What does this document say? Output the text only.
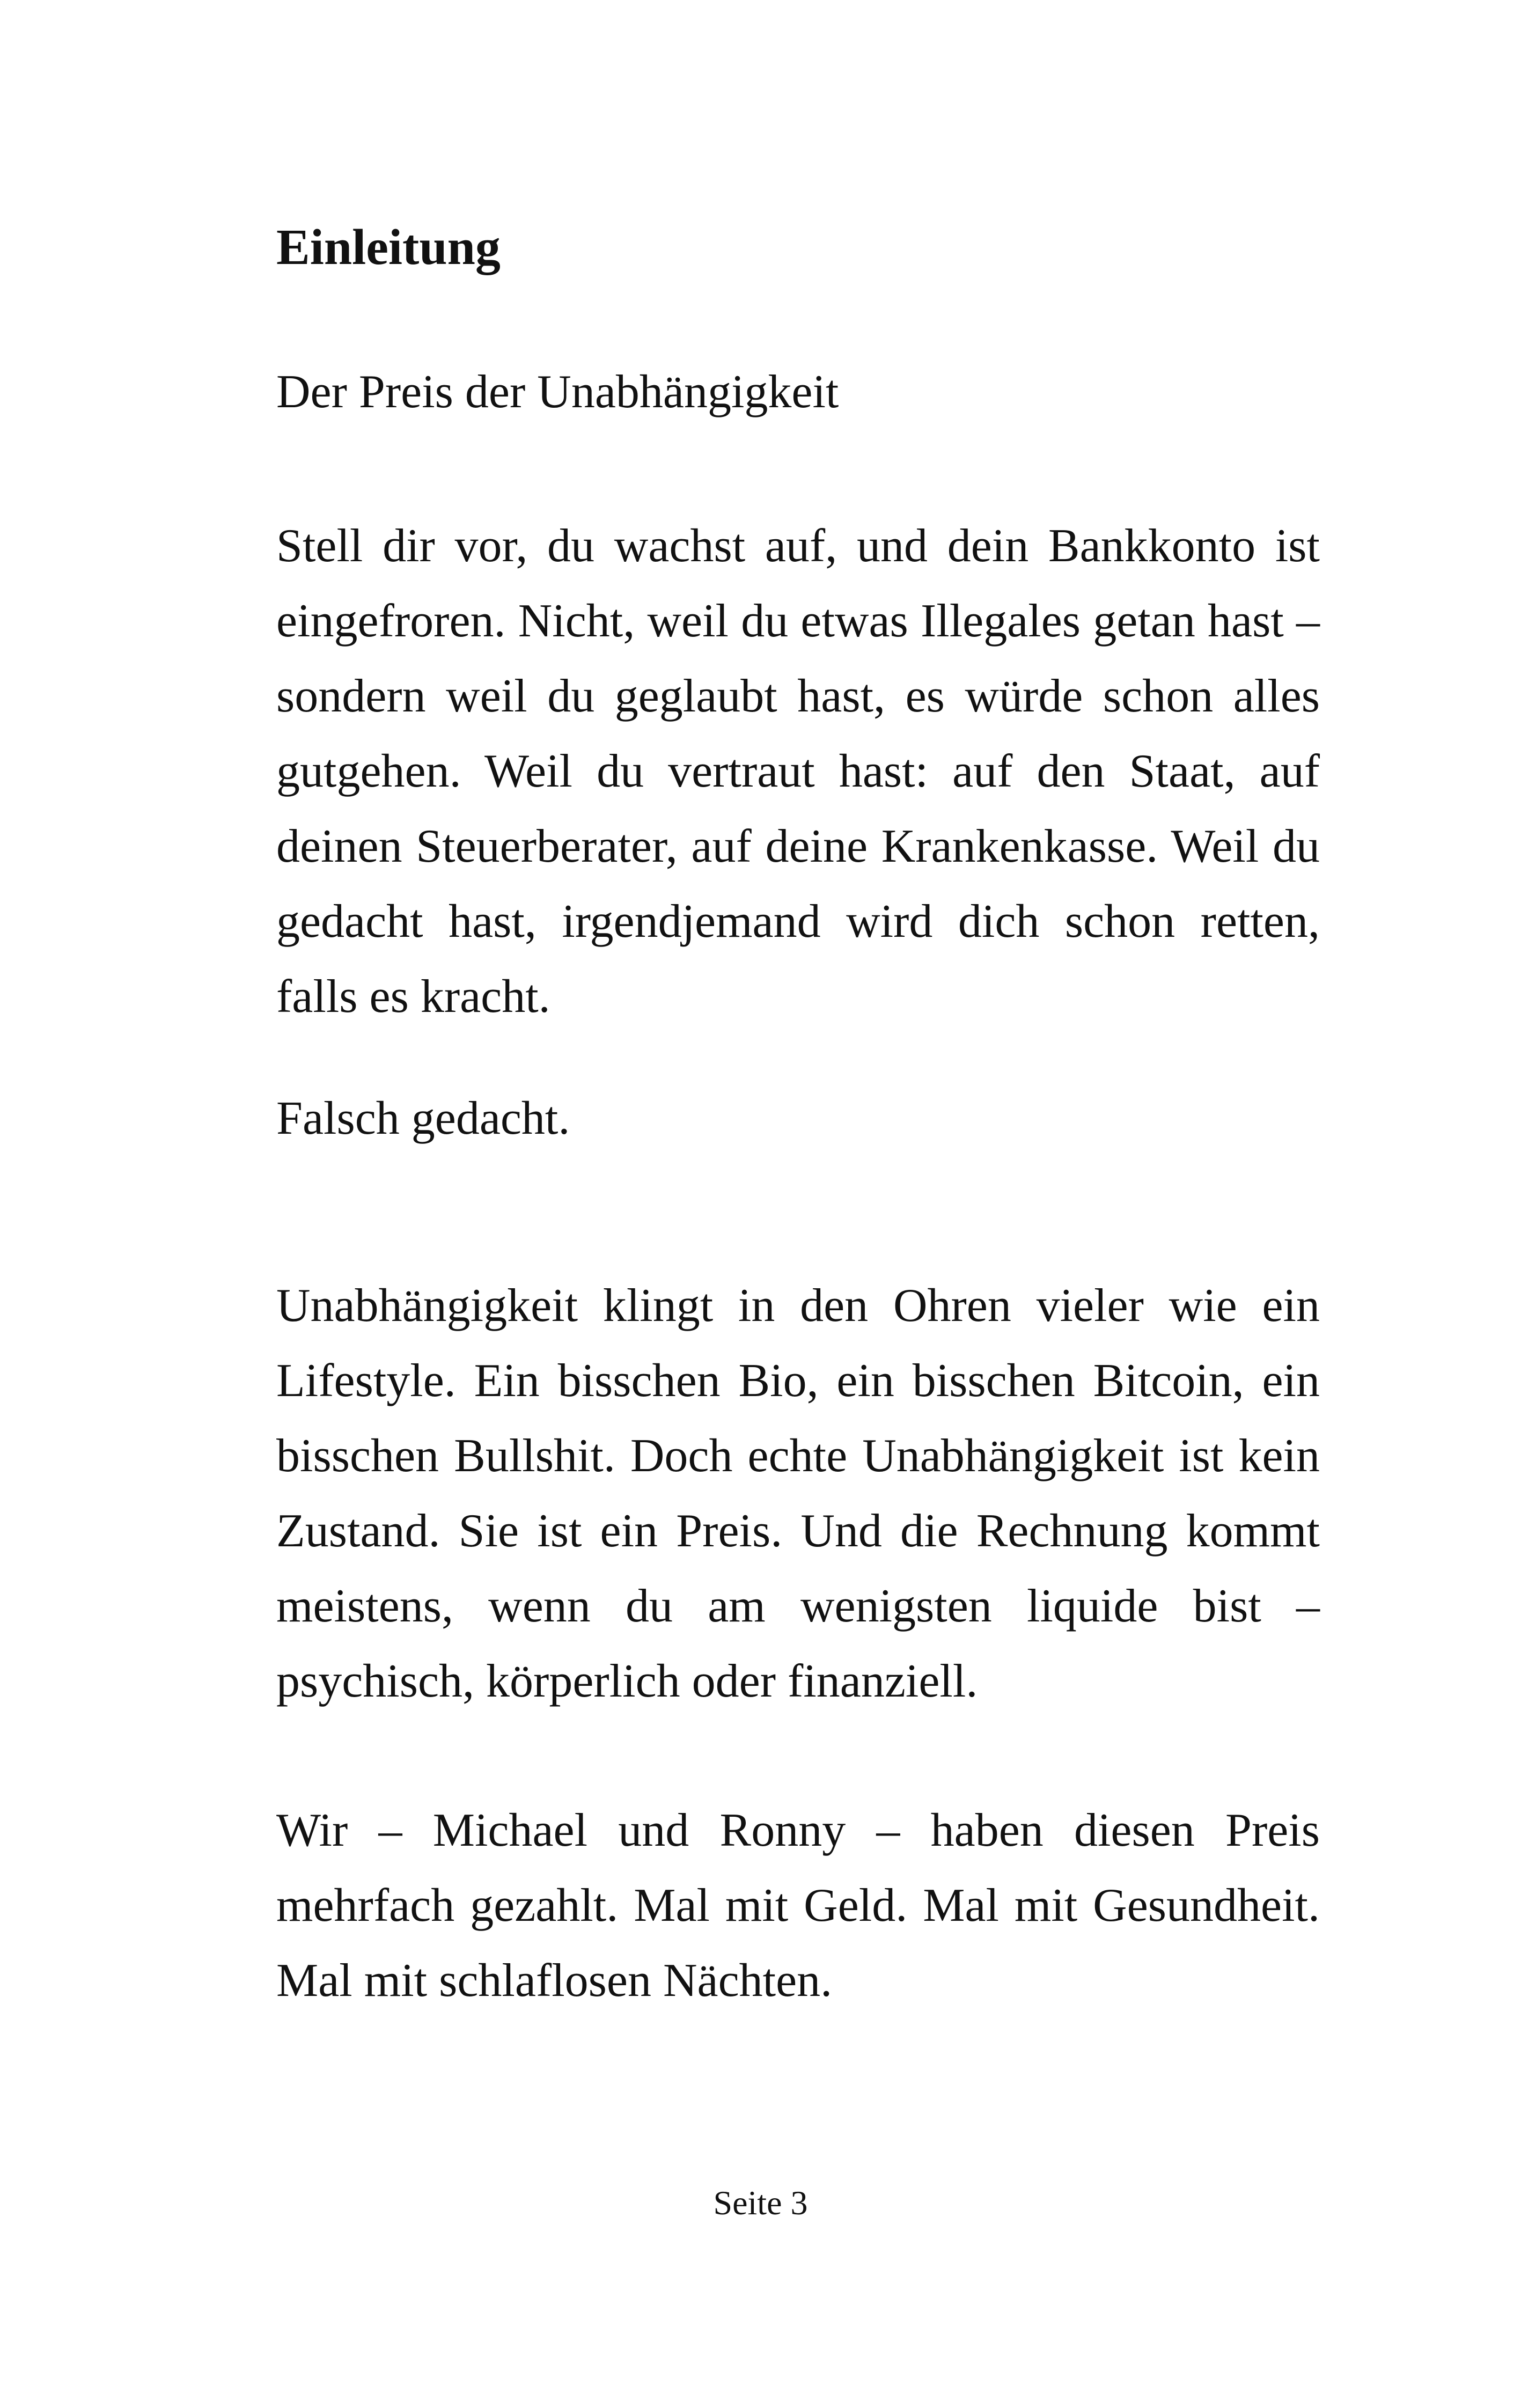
Einleitung

Der Preis der Unabhängigkeit

Stell dir vor, du wachst auf, und dein Bankkonto ist eingefroren. Nicht, weil du etwas Illegales getan hast – sondern weil du geglaubt hast, es würde schon alles gutgehen. Weil du vertraut hast: auf den Staat, auf deinen Steuerberater, auf deine Krankenkasse. Weil du gedacht hast, irgendjemand wird dich schon retten, falls es kracht.

Falsch gedacht.

Unabhängigkeit klingt in den Ohren vieler wie ein Lifestyle. Ein bisschen Bio, ein bisschen Bitcoin, ein bisschen Bullshit. Doch echte Unabhängigkeit ist kein Zustand. Sie ist ein Preis. Und die Rechnung kommt meistens, wenn du am wenigsten liquide bist – psychisch, körperlich oder finanziell.

Wir – Michael und Ronny – haben diesen Preis mehrfach gezahlt. Mal mit Geld. Mal mit Gesundheit. Mal mit schlaflosen Nächten.

Seite 3
